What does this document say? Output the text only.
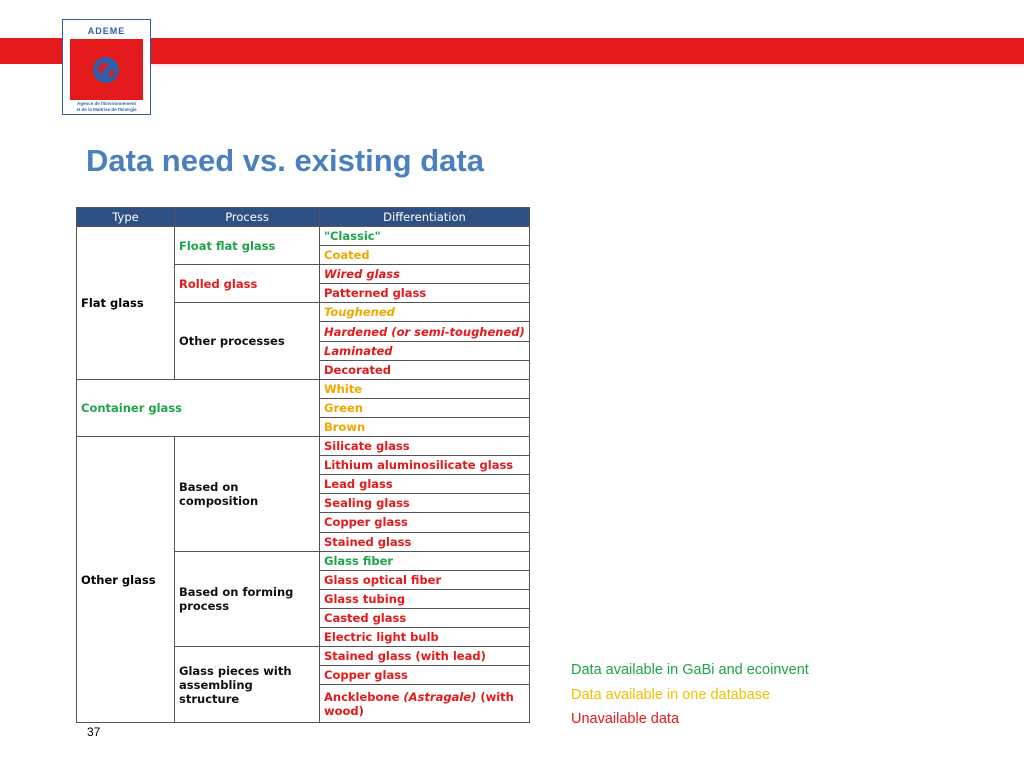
ADEME
Agence de l'Environnement
et de la Maîtrise de l'Energie
Data need vs. existing data
Type	Process	Differentiation
Flat glass	Float flat glass	"Classic"
		Coated
	Rolled glass	Wired glass
		Patterned glass
	Other processes	Toughened
		Hardened (or semi-toughened)
		Laminated
		Decorated
Container glass		White
		Green
		Brown
Other glass	Based on composition	Silicate glass
		Lithium aluminosilicate glass
		Lead glass
		Sealing glass
		Copper glass
		Stained glass
	Based on forming process	Glass fiber
		Glass optical fiber
		Glass tubing
		Casted glass
		Electric light bulb
	Glass pieces with assembling structure	Stained glass (with lead)
		Copper glass
		Ancklebone (Astragale) (with wood)
Data available in GaBi and ecoinvent
Data available in one database
Unavailable data
37
